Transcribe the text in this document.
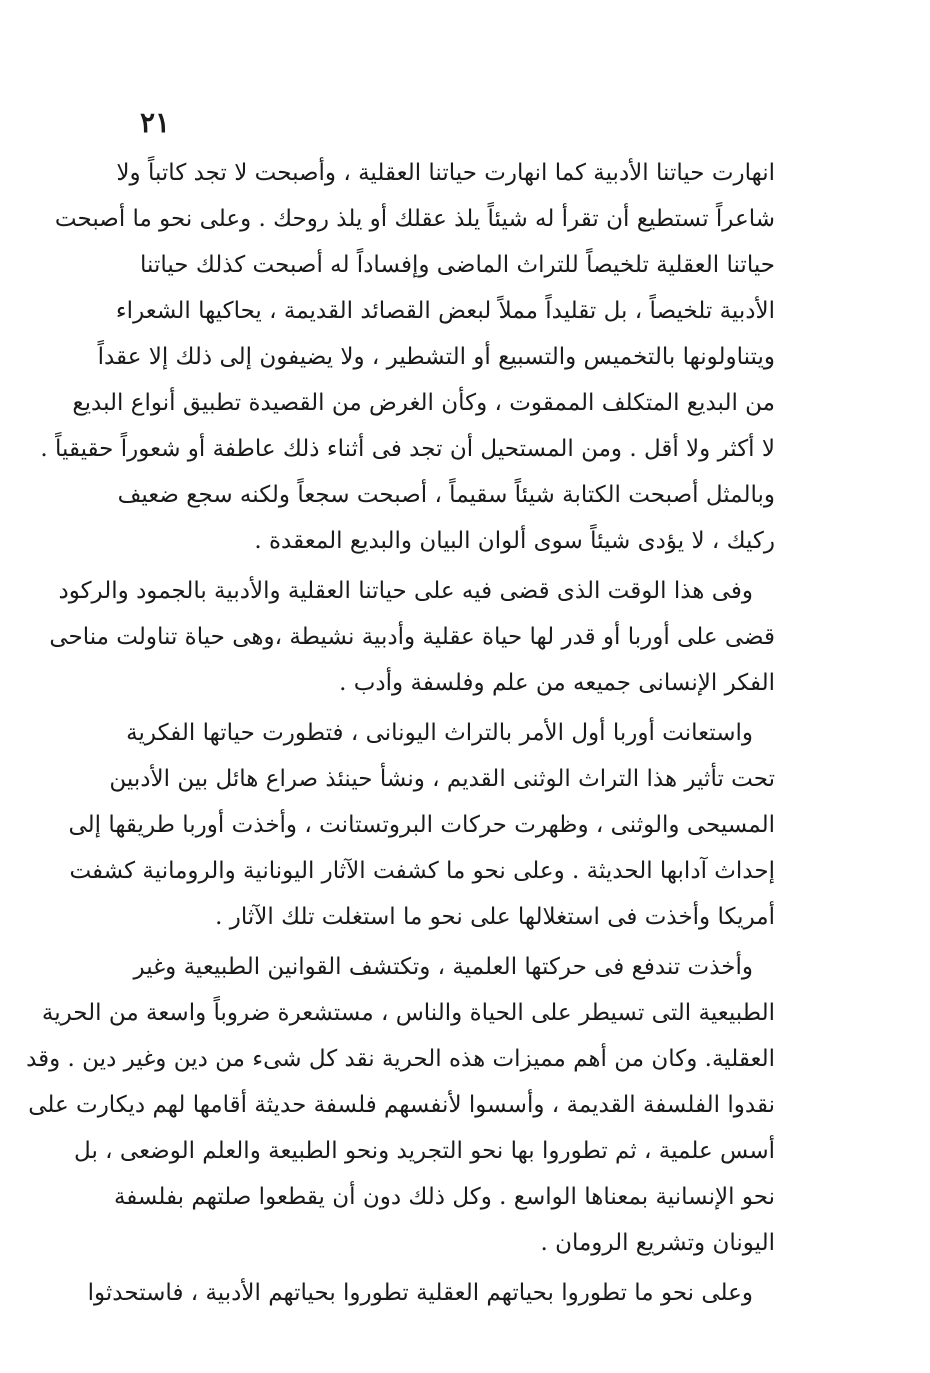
٢١
انهارت حياتنا الأدبية كما انهارت حياتنا العقلية ، وأصبحت لا تجد كاتباً ولا
شاعراً تستطيع أن تقرأ له شيئاً يلذ عقلك أو يلذ روحك . وعلى نحو ما أصبحت
حياتنا العقلية تلخيصاً للتراث الماضى وإفساداً له أصبحت كذلك حياتنا
الأدبية تلخيصاً ، بل تقليداً مملاً لبعض القصائد القديمة ، يحاكيها الشعراء
ويتناولونها بالتخميس والتسبيع أو التشطير ، ولا يضيفون إلى ذلك إلا عقداً
من البديع المتكلف الممقوت ، وكأن الغرض من القصيدة تطبيق أنواع البديع
لا أكثر ولا أقل . ومن المستحيل أن تجد فى أثناء ذلك عاطفة أو شعوراً حقيقياً .
وبالمثل أصبحت الكتابة شيئاً سقيماً ، أصبحت سجعاً ولكنه سجع ضعيف
ركيك ، لا يؤدى شيئاً سوى ألوان البيان والبديع المعقدة .
وفى هذا الوقت الذى قضى فيه على حياتنا العقلية والأدبية بالجمود والركود
قضى على أوربا أو قدر لها حياة عقلية وأدبية نشيطة ،وهى حياة تناولت مناحى
الفكر الإنسانى جميعه من علم وفلسفة وأدب .
واستعانت أوربا أول الأمر بالتراث اليونانى ، فتطورت حياتها الفكرية
تحت تأثير هذا التراث الوثنى القديم ، ونشأ حينئذ صراع هائل بين الأدبين
المسيحى والوثنى ، وظهرت حركات البروتستانت ، وأخذت أوربا طريقها إلى
إحداث آدابها الحديثة . وعلى نحو ما كشفت الآثار اليونانية والرومانية كشفت
أمريكا وأخذت فى استغلالها على نحو ما استغلت تلك الآثار .
وأخذت تندفع فى حركتها العلمية ، وتكتشف القوانين الطبيعية وغير
الطبيعية التى تسيطر على الحياة والناس ، مستشعرة ضروباً واسعة من الحرية
العقلية. وكان من أهم مميزات هذه الحرية نقد كل شىء من دين وغير دين . وقد
نقدوا الفلسفة القديمة ، وأسسوا لأنفسهم فلسفة حديثة أقامها لهم ديكارت على
أسس علمية ، ثم تطوروا بها نحو التجريد ونحو الطبيعة والعلم الوضعى ، بل
نحو الإنسانية بمعناها الواسع . وكل ذلك دون أن يقطعوا صلتهم بفلسفة
اليونان وتشريع الرومان .
وعلى نحو ما تطوروا بحياتهم العقلية تطوروا بحياتهم الأدبية ، فاستحدثوا
